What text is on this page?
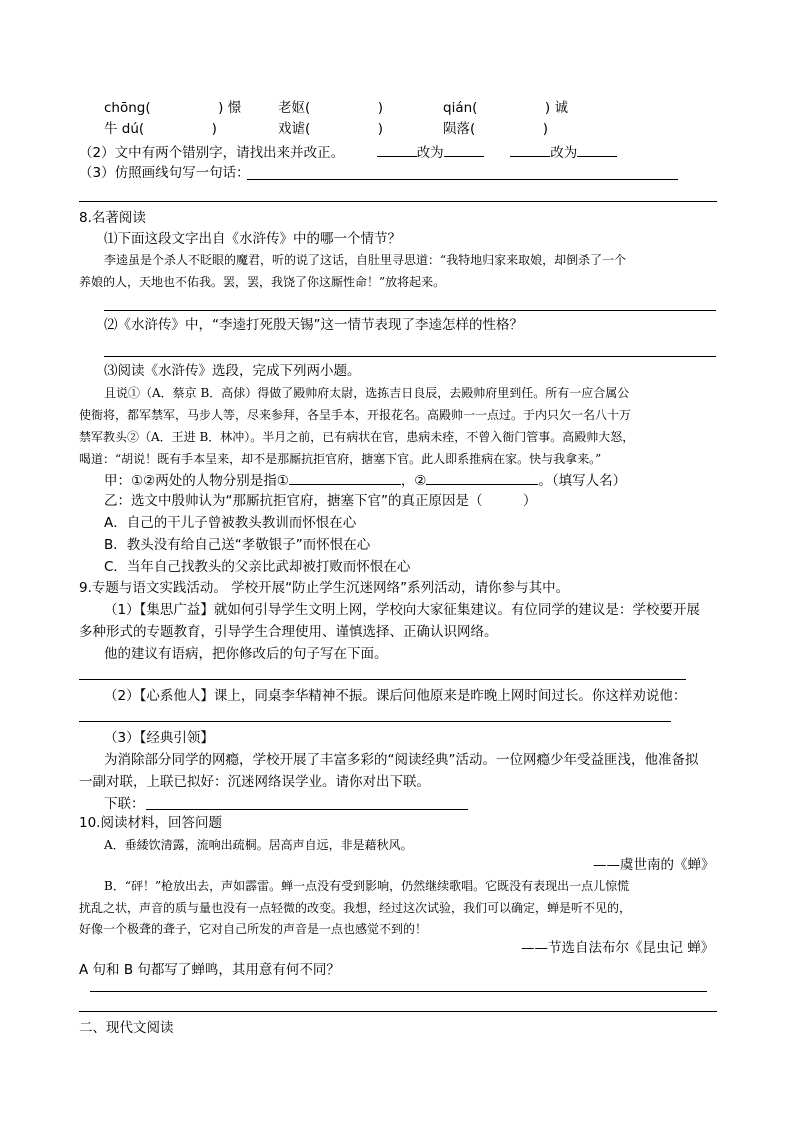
chōng(　　　　　) 憬	老妪(　　　　　)	qián(　　　　　) 诚
牛 dú(　　　　　)	戏谑(　　　　　)	陨落(　　　　　)
（2）文中有两个错别字，请找出来并改正。	改为	改为
（3）仿照画线句写一句话：
8.名著阅读
⑴下面这段文字出自《水浒传》中的哪一个情节？
李逵虽是个杀人不眨眼的魔君，听的说了这话，自肚里寻思道：“我特地归家来取娘，却倒杀了一个
养娘的人，天地也不佑我。罢，罢，我饶了你这厮性命！”放将起来。
⑵《水浒传》中，“李逵打死殷天锡”这一情节表现了李逵怎样的性格？
⑶阅读《水浒传》选段，完成下列两小题。
且说①（A．蔡京 B．高俅）得做了殿帅府太尉，选拣吉日良辰，去殿帅府里到任。所有一应合属公
使衙将，都军禁军，马步人等，尽来参拜，各呈手本，开报花名。高殿帅一一点过。于内只欠一名八十万
禁军教头②（A．王进 B．林冲）。半月之前，已有病状在官，患病未痊，不曾入衙门管事。高殿帅大怒，
喝道：“胡说！既有手本呈来，却不是那厮抗拒官府，搪塞下官。此人即系推病在家。快与我拿来。”
甲：①②两处的人物分别是指①	，②	。（填写人名）
乙：选文中殷帅认为“那厮抗拒官府，搪塞下官”的真正原因是（　　　）
A．自己的干儿子曾被教头教训而怀恨在心
B．教头没有给自己送“孝敬银子”而怀恨在心
C．当年自己找教头的父亲比武却被打败而怀恨在心
9.专题与语文实践活动。 学校开展“防止学生沉迷网络”系列活动，请你参与其中。
（1）【集思广益】就如何引导学生文明上网，学校向大家征集建议。有位同学的建议是：学校要开展
多种形式的专题教育，引导学生合理使用、谨慎选择、正确认识网络。
他的建议有语病，把你修改后的句子写在下面。
（2）【心系他人】课上，同桌李华精神不振。课后问他原来是昨晚上网时间过长。你这样劝说他：
（3）【经典引领】
为消除部分同学的网瘾，学校开展了丰富多彩的“阅读经典”活动。一位网瘾少年受益匪浅，他准备拟
一副对联，上联已拟好：沉迷网络误学业。请你对出下联。
下联：
10.阅读材料，回答问题
A．垂緌饮清露，流响出疏桐。居高声自远，非是藉秋风。
——虞世南的《蝉》
B．“砰！”枪放出去，声如霹雷。蝉一点没有受到影响，仍然继续歌唱。它既没有表现出一点儿惊慌
扰乱之状，声音的质与量也没有一点轻微的改变。我想，经过这次试验，我们可以确定，蝉是听不见的，
好像一个极聋的聋子，它对自己所发的声音是一点也感觉不到的！
——节选自法布尔《昆虫记 蝉》
A 句和 B 句都写了蝉鸣，其用意有何不同？
二、现代文阅读
